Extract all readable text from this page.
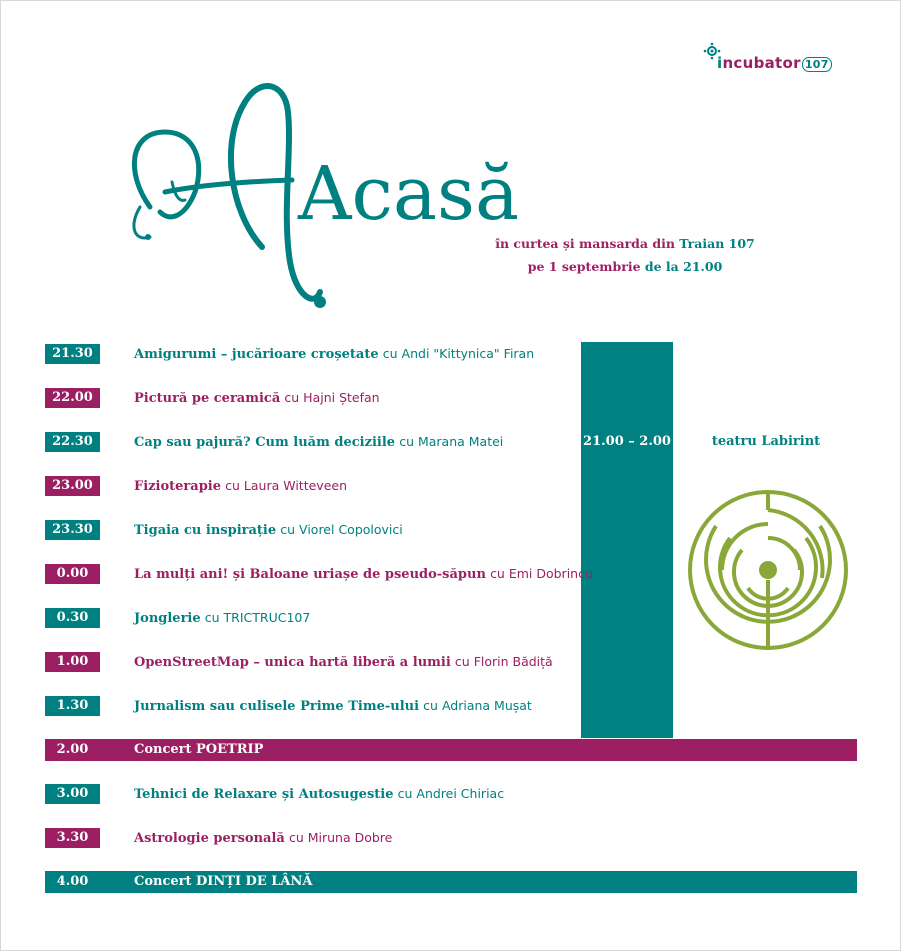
incubator 107
Acasă
în curtea și mansarda din Traian 107
pe 1 septembrie de la 21.00
21.00 – 2.00	teatru Labirint
21.30	Amigurumi – jucărioare croșetate cu Andi "Kittynica" Firan
22.00	Pictură pe ceramică cu Hajni Ștefan
22.30	Cap sau pajură? Cum luăm deciziile cu Marana Matei
23.00	Fizioterapie cu Laura Witteveen
23.30	Tigaia cu inspirație cu Viorel Copolovici
0.00	La mulți ani! și Baloane uriașe de pseudo-săpun cu Emi Dobrincu
0.30	Jonglerie cu TRICTRUC107
1.00	OpenStreetMap – unica hartă liberă a lumii cu Florin Bădiță
1.30	Jurnalism sau culisele Prime Time-ului cu Adriana Mușat
2.00	Concert POETRIP
3.00	Tehnici de Relaxare și Autosugestie cu Andrei Chiriac
3.30	Astrologie personală cu Miruna Dobre
4.00	Concert DINȚI DE LÂNĂ
